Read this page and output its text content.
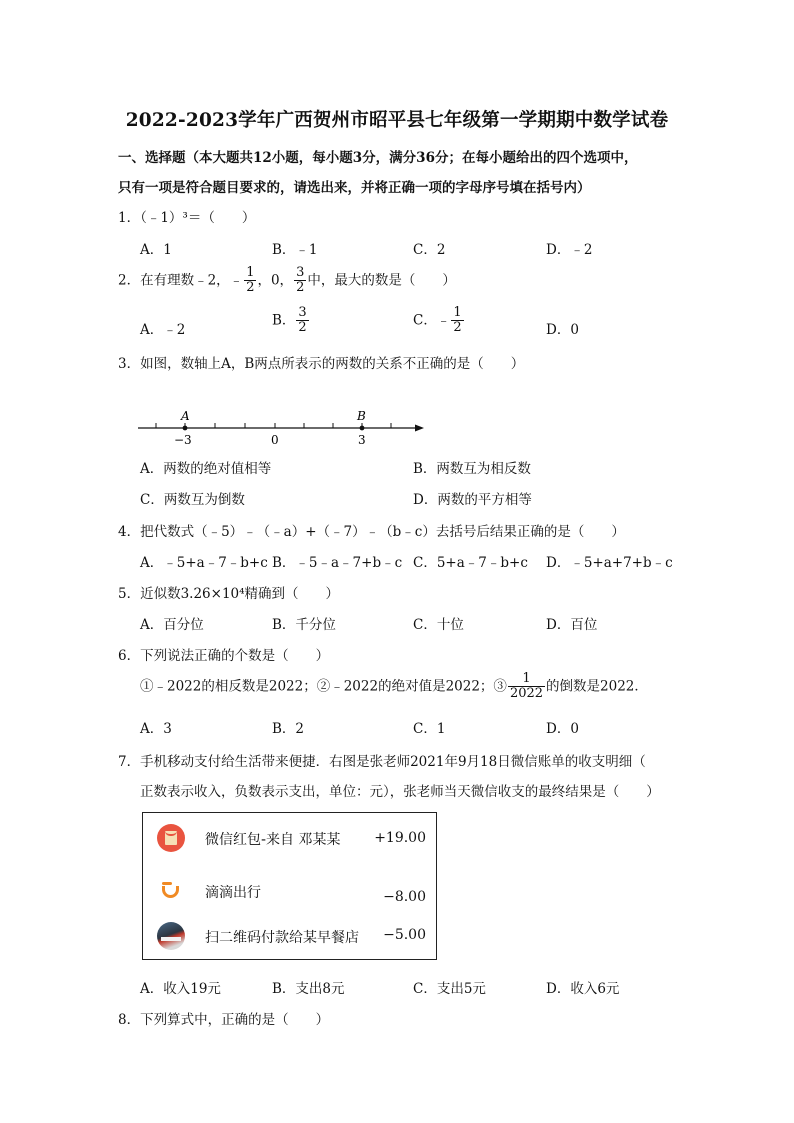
2022-2023学年广西贺州市昭平县七年级第一学期期中数学试卷
一、选择题（本大题共12小题，每小题3分，满分36分；在每小题给出的四个选项中，
只有一项是符合题目要求的，请选出来，并将正确一项的字母序号填在括号内）
1．（﹣1）³＝（　　）
A．1	B．﹣1	C．2	D．﹣2
2．在有理数﹣2，﹣ $\frac{1}{2}$ ，0， $\frac{3}{2}$ 中，最大的数是（　　）
A．﹣2
B． $\frac{3}{2}$	C．﹣ $\frac{1}{2}$	D．0
3．如图，数轴上A，B两点所表示的两数的关系不正确的是（　　）
A	B
−3	0	3
A．两数的绝对值相等	B．两数互为相反数
C．两数互为倒数	D．两数的平方相等
4．把代数式（﹣5）﹣（﹣a）+（﹣7）﹣（b﹣c）去括号后结果正确的是（　　）
A．﹣5+a﹣7﹣b+c B．﹣5﹣a﹣7+b﹣c C．5+a﹣7﹣b+c D．﹣5+a+7+b﹣c
5．近似数3.26×10⁴精确到（　　）
A．百分位	B．千分位	C．十位	D．百位
6．下列说法正确的个数是（　　）
①﹣2022的相反数是2022；②﹣2022的绝对值是2022；③ $\frac{1}{2022}$ 的倒数是2022．
A．3	B．2	C．1	D．0
7．手机移动支付给生活带来便捷．右图是张老师2021年9月18日微信账单的收支明细（
正数表示收入，负数表示支出，单位：元），张老师当天微信收支的最终结果是（　　）
微信红包-来自 邓某某 +19.00
滴滴出行	−8.00
扫二维码付款给某早餐店 −5.00
A．收入19元	B．支出8元	C．支出5元	D．收入6元
8．下列算式中，正确的是（　　）
